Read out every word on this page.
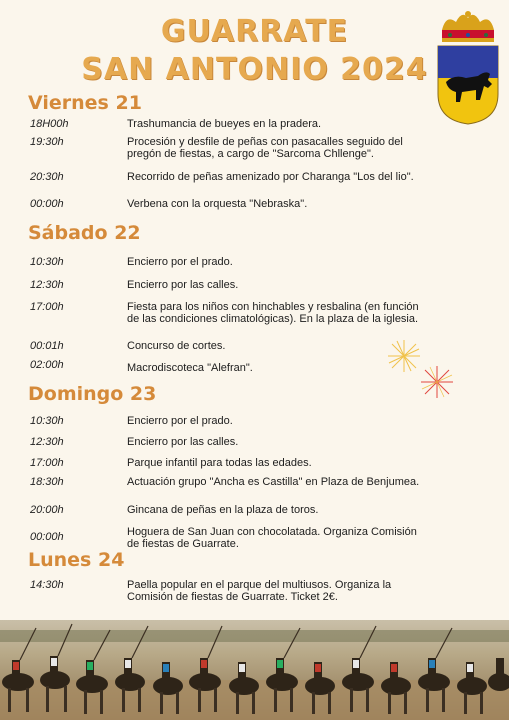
GUARRATE
SAN ANTONIO 2024
Viernes 21
Sábado 22
Domingo 23
Lunes 24
18H00h	Trashumancia de bueyes en la pradera.
19:30h	Procesión y desfile de peñas con pasacalles seguido del pregón de fiestas, a cargo de "Sarcoma Chllenge".
20:30h	Recorrido de peñas amenizado por Charanga "Los del lio".
00:00h	Verbena con la orquesta "Nebraska".
10:30h	Encierro por el prado.
12:30h	Encierro por las calles.
17:00h	Fiesta para los niños con hinchables y resbalina (en función de las condiciones climatológicas). En la plaza de la iglesia.
00:01h	Concurso de cortes.
02:00h	Macrodiscoteca "Alefran".
10:30h	Encierro por el prado.
12:30h	Encierro por las calles.
17:00h	Parque infantil para todas las edades.
18:30h	Actuación grupo "Ancha es Castilla" en Plaza de Benjumea.
20:00h	Gincana de peñas en la plaza de toros.
00:00h	Hoguera de San Juan con chocolatada. Organiza Comisión de fiestas de Guarrate.
14:30h	Paella popular en el parque del multiusos. Organiza la Comisión de fiestas de Guarrate. Ticket 2€.
